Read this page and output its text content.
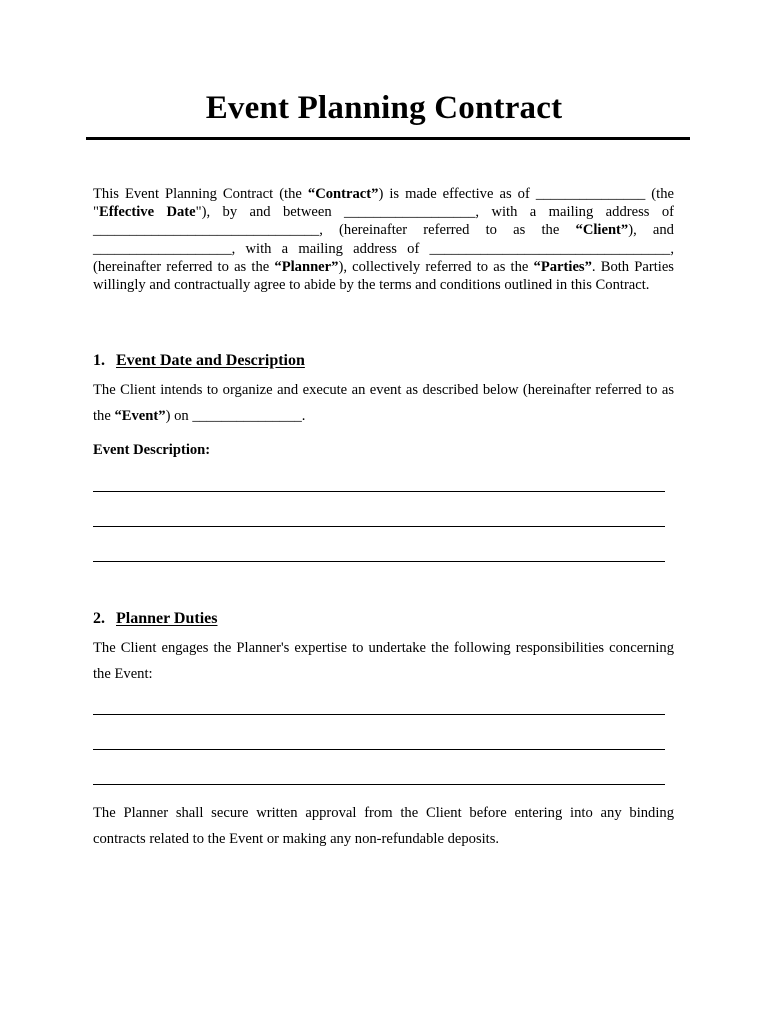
Event Planning Contract
This Event Planning Contract (the “Contract”) is made effective as of _______________ (the "Effective Date"), by and between __________________, with a mailing address of _______________________________, (hereinafter referred to as the “Client”), and ___________________, with a mailing address of _________________________________, (hereinafter referred to as the “Planner”), collectively referred to as the “Parties”. Both Parties willingly and contractually agree to abide by the terms and conditions outlined in this Contract.
1. Event Date and Description
The Client intends to organize and execute an event as described below (hereinafter referred to as the “Event”) on _______________.
Event Description:
2. Planner Duties
The Client engages the Planner's expertise to undertake the following responsibilities concerning the Event:
The Planner shall secure written approval from the Client before entering into any binding contracts related to the Event or making any non-refundable deposits.
